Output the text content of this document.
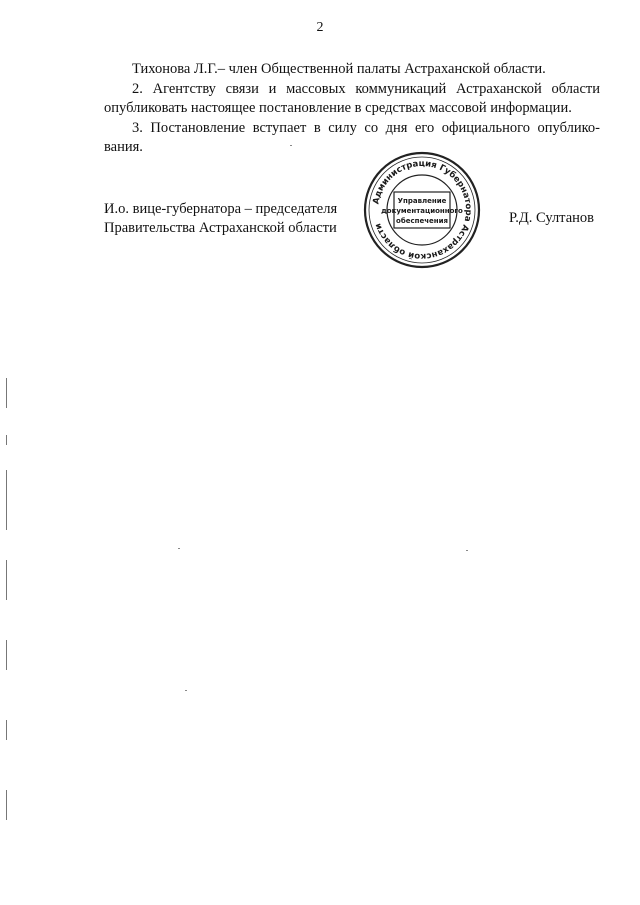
2

Тихонова Л.Г.– член Общественной палаты Астраханской области.

2. Агентству связи и массовых коммуникаций Астраханской области опубликовать настоящее постановление в средствах массовой информации.

3. Постановление вступает в силу со дня его официального опублико-вания.

И.о. вице-губернатора – председателя
Правительства Астраханской области
Р.Д. Султанов
Администрация Губернатора Астраханской области
Управление
документационного
обеспечения
